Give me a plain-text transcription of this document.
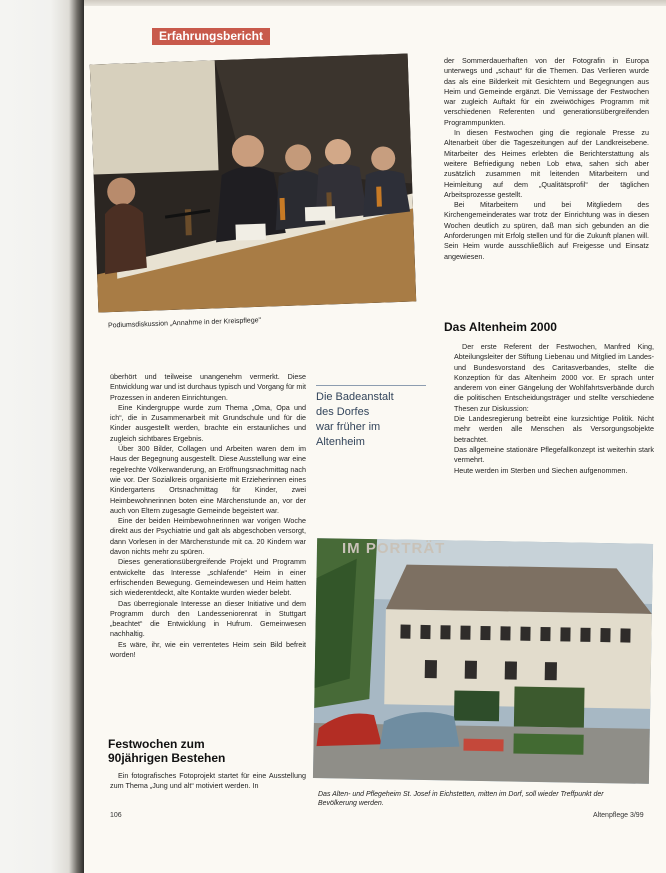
Erfahrungsbericht
Podiumsdiskussion „Annahme in der Kreispflege"

der Sommerdauerhaften von der Fotografin in Europa unterwegs und „schaut“ für die Themen. Das Verlieren wurde das als eine Bilderkeit mit Gesichtern und Begegnungen aus Heim und Gemeinde ergänzt. Die Vernissage der Festwochen war zugleich Auftakt für ein zweiwöchiges Programm mit verschiedenen Referenten und generationsübergreifenden Programmpunkten.

In diesen Festwochen ging die regionale Presse zu Altenarbeit über die Tageszeitungen auf der Landkreisebene. Mitarbeiter des Heimes erlebten die Berichterstattung als weitere Befriedigung neben Lob etwa, sahen sich aber zusätzlich zusammen mit leitenden Mitarbeitern und Heimleitung auf dem „Qualitätsprofil“ der täglichen Arbeitsprozesse gestellt.

Bei Mitarbeitern und bei Mitgliedern des Kirchengemeinderates war trotz der Einrichtung was in diesen Wochen deutlich zu spüren, daß man sich gebunden an die Anforderungen mit Erfolg stellen und für die Zukunft planen will. Sein Heim wurde ausschließlich auf Freigesse und Einsatz angewiesen.

Das Altenheim 2000

Der erste Referent der Festwochen, Manfred King, Abteilungsleiter der Stiftung Liebenau und Mitglied im Landes- und Bundesvorstand des Caritasverbandes, stellte die Konzeption für das Altenheim 2000 vor. Er sprach unter anderem von einer Gängelung der Wohlfahrtsverbände durch die politischen Entscheidungsträger und stellte verschiedene Thesen zur Diskussion:

Die Landesregierung betreibt eine kurzsichtige Politik. Nicht mehr werden alle Menschen als Versorgungsobjekte betrachtet.

Das allgemeine stationäre Pflegefallkonzept ist weiterhin stark vermehrt.

Heute werden im Sterben und Siechen aufgenommen.

Die Badeanstalt
des Dorfes
war früher im
Altenheim

überhört und teilweise unangenehm vermerkt. Diese Entwicklung war und ist durchaus typisch und Vorgang für mit Prozessen in anderen Einrichtungen.

Eine Kindergruppe wurde zum Thema „Oma, Opa und ich“, die in Zusammenarbeit mit Grundschule und für die Kinder ausgestellt werden, brachte ein erstaunliches und zugleich sichtbares Ergebnis.

Über 300 Bilder, Collagen und Arbeiten waren dem im Haus der Begegnung ausgestellt. Diese Ausstellung war eine regelrechte Völkerwanderung, an Eröffnungsnachmittag nach wie vor. Der Sozialkreis organisierte mit Erzieherinnen eines Kindergartens Ortsnachmittag für Kinder, zwei Heimbewohnerinnen boten eine Märchenstunde an, vor der auch von Eltern zugesagte Gemeinde begeistert war.

Eine der beiden Heimbewohnerinnen war vorigen Woche direkt aus der Psychiatrie und galt als abgeschoben versorgt, dann Vorlesen in der Märchenstunde mit ca. 20 Kindern war davon nichts mehr zu spüren.

Dieses generationsübergreifende Projekt und Programm entwickelte das Interesse „schlafende“ Heim in einer erfrischenden Bewegung. Gemeindewesen und Heim hatten sich wiederentdeckt, alte Kontakte wurden wieder belebt.

Das überregionale Interesse an dieser Initiative und dem Programm durch den Landesseniorenrat in Stuttgart „beachtet“ die Entwicklung in Hufrum. Gemeinwesen nachhaltig.

Es wäre, ihr, wie ein verrentetes Heim sein Bild befreit worden!

Festwochen zum
90jährigen Bestehen

Ein fotografisches Fotoprojekt startet für eine Ausstellung zum Thema „Jung und alt“ motiviert werden. In

IM PORTRÄT
Das Alten- und Pflegeheim St. Josef in Eichstetten, mitten im Dorf, soll wieder Treffpunkt der Bevölkerung werden.
106	Altenpflege 3/99
